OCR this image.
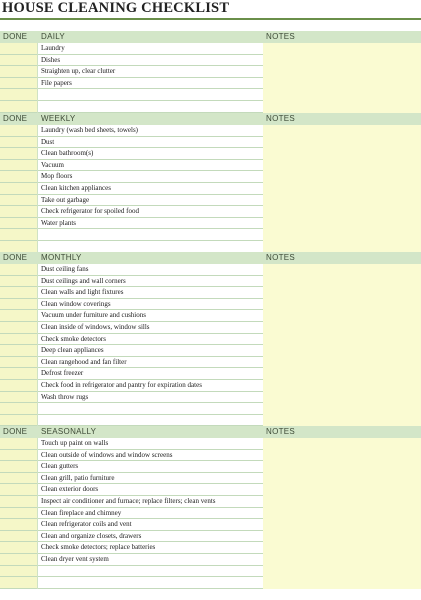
HOUSE CLEANING CHECKLIST
DONE DAILY	NOTES
Laundry
Dishes
Straighten up, clear clutter
File papers
DONE WEEKLY	NOTES
Laundry (wash bed sheets, towels)
Dust
Clean bathroom(s)
Vacuum
Mop floors
Clean kitchen appliances
Take out garbage
Check refrigerator for spoiled food
Water plants
DONE MONTHLY	NOTES
Dust ceiling fans
Dust ceilings and wall corners
Clean walls and light fixtures
Clean window coverings
Vacuum under furniture and cushions
Clean inside of windows, window sills
Check smoke detectors
Deep clean appliances
Clean rangehood and fan filter
Defrost freezer
Check food in refrigerator and pantry for expiration dates
Wash throw rugs
DONE SEASONALLY	NOTES
Touch up paint on walls
Clean outside of windows and window screens
Clean gutters
Clean grill, patio furniture
Clean exterior doors
Inspect air conditioner and furnace; replace filters; clean vents
Clean fireplace and chimney
Clean refrigerator coils and vent
Clean and organize closets, drawers
Check smoke detectors; replace batteries
Clean dryer vent system
